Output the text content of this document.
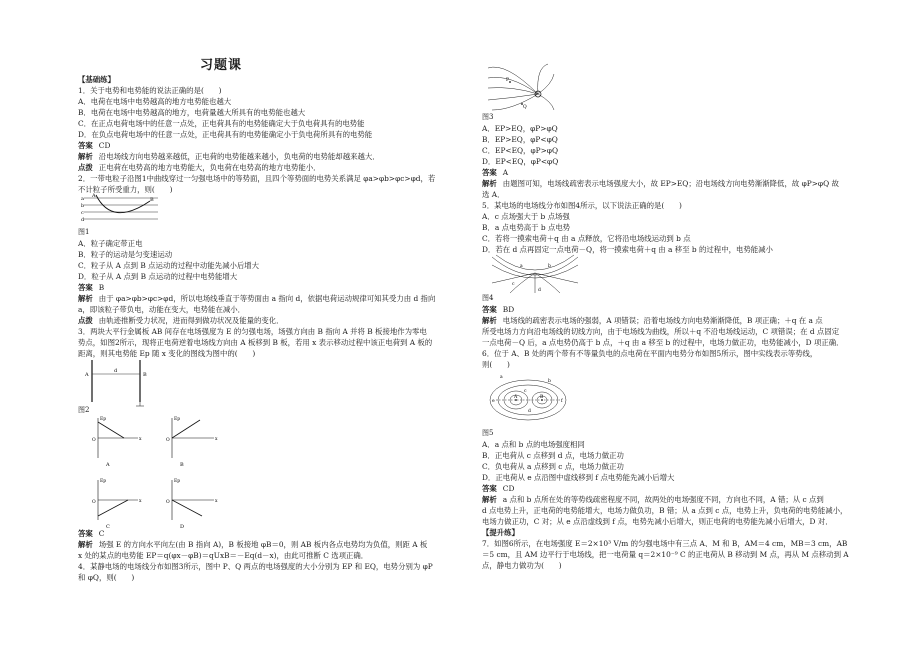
习题课
【基础练】
1．关于电势和电势能的说法正确的是(　　)
A．电荷在电场中电势越高的地方电势能也越大
B．电荷在电场中电势越高的地方，电荷量越大所具有的电势能也越大
C．在正点电荷电场中的任意一点处，正电荷具有的电势能确定大于负电荷具有的电势能
D．在负点电荷电场中的任意一点处，正电荷具有的电势能确定小于负电荷所具有的电势能
答案 CD
解析 沿电场线方向电势越来越低，正电荷的电势能越来越小，负电荷的电势能却越来越大．
点拨 正电荷在电势高的地方电势能大，负电荷在电势高的地方电势能小．
2．一带电粒子沿图1中曲线穿过一匀强电场中的等势面，且四个等势面的电势关系满足 φa>φb>φc>φd，若
不计粒子所受重力，则(　　)
a
b
c
d
A
B
图1
A．粒子确定带正电
B．粒子的运动是匀变速运动
C．粒子从 A 点到 B 点运动的过程中动能先减小后增大
D．粒子从 A 点到 B 点运动的过程中电势能增大
答案 B
解析 由于 φa>φb>φc>φd，所以电场线垂直于等势面由 a 指向 d，依据电荷运动规律可知其受力由 d 指向
a，即该粒子带负电，动能在变大，电势能在减小．
点拨 由轨迹推断受力状况，进而得到做功状况及能量的变化．
3．两块大平行金属板 AB 间存在电场强度为 E 的匀强电场，场强方向由 B 指向 A 并将 B 板接地作为零电
势点，如图2所示，现将正电荷逆着电场线方向由 A 板移到 B 板，若用 x 表示移动过程中该正电荷到 A 板的
距离，则其电势能 Ep 随 x 变化的图线为图中的(　　)
A	B
d
图2
Ep
O	x
A
Ep
O	x
B
Ep
O	x
C
Ep
O	x
D
答案 C
解析 场强 E 的方向水平向左(由 B 指向 A)，B 板接地 φB＝0，则 AB 板内各点电势均为负值，则距 A 板
x 处的某点的电势能 EP＝q(φx－φB)＝qUxB＝－Eq(d－x)，由此可推断 C 选项正确．
4．某静电场的电场线分布如图3所示，图中 P、Q 两点的电场强度的大小分别为 EP 和 EQ，电势分别为 φP
和 φQ，则(　　)
P
Q
图3
A．EP>EQ，φP>φQ
B．EP>EQ，φP<φQ
C．EP<EQ，φP>φQ
D．EP<EQ，φP<φQ
答案 A
解析 由题图可知，电场线疏密表示电场强度大小，故 EP>EQ；沿电场线方向电势渐渐降低，故 φP>φQ 故
选 A．
5．某电场的电场线分布如图4所示，以下说法正确的是(　　)
A．c 点场强大于 b 点场强
B．a 点电势高于 b 点电势
C．若将一摸索电荷＋q 由 a 点释放，它将沿电场线运动到 b 点
D．若在 d 点再固定一点电荷－Q，将一摸索电荷＋q 由 a 移至 b 的过程中，电势能减小
a	b
c
d
图4
答案 BD
解析 电场线的疏密表示电场的强弱，A 项错误；沿着电场线方向电势渐渐降低，B 项正确；＋q 在 a 点
所受电场力方向沿电场线的切线方向，由于电场线为曲线，所以＋q 不沿电场线运动，C 项错误；在 d 点固定
一点电荷－Q 后，a 点电势仍高于 b 点，＋q 由 a 移至 b 的过程中，电场力做正功，电势能减小，D 项正确．
6．位于 A、B 处的两个带有不等量负电的点电荷在平面内电势分布如图5所示，图中实线表示等势线，
则(　　)
A	B
a
b
c
d
e	f
图5
A．a 点和 b 点的电场强度相同
B．正电荷从 c 点移到 d 点，电场力做正功
C．负电荷从 a 点移到 c 点，电场力做正功
D．正电荷从 e 点沿图中虚线移到 f 点电势能先减小后增大
答案 CD
解析 a 点和 b 点所在处的等势线疏密程度不同，故两处的电场强度不同，方向也不同，A 错；从 c 点到
d 点电势上升，正电荷的电势能增大，电场力做负功，B 错；从 a 点到 c 点，电势上升，负电荷的电势能减小，
电场力做正功，C 对；从 e 点沿虚线到 f 点，电势先减小后增大，则正电荷的电势能先减小后增大，D 对．
【提升练】
7．如图6所示，在电场强度 E＝2×10³ V/m 的匀强电场中有三点 A、M 和 B，AM＝4 cm，MB＝3 cm，AB
＝5 cm，且 AM 边平行于电场线，把一电荷量 q＝2×10⁻⁹ C 的正电荷从 B 移动到 M 点，再从 M 点移动到 A
点，静电力做功为(　　)
